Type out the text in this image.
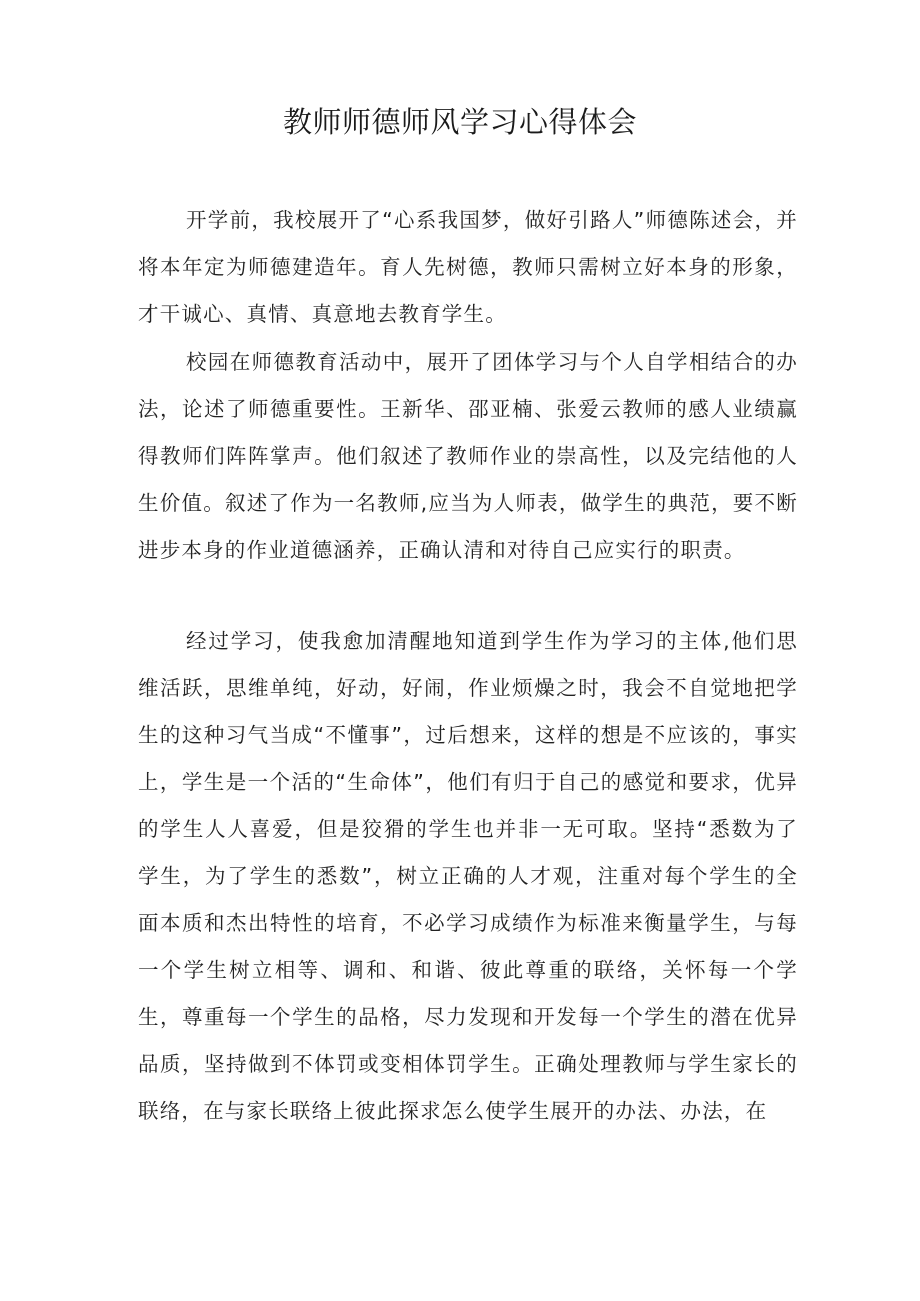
教师师德师风学习心得体会

开学前，我校展开了“心系我国梦，做好引路人”师德陈述会，并将本年定为师德建造年。育人先树德，教师只需树立好本身的形象，才干诚心、真情、真意地去教育学生。

校园在师德教育活动中，展开了团体学习与个人自学相结合的办法，论述了师德重要性。王新华、邵亚楠、张爱云教师的感人业绩赢得教师们阵阵掌声。他们叙述了教师作业的崇高性，以及完结他的人生价值。叙述了作为一名教师,应当为人师表，做学生的典范，要不断进步本身的作业道德涵养，正确认清和对待自己应实行的职责。

经过学习，使我愈加清醒地知道到学生作为学习的主体,他们思维活跃，思维单纯，好动，好闹，作业烦燥之时，我会不自觉地把学生的这种习气当成“不懂事”，过后想来，这样的想是不应该的，事实上，学生是一个活的“生命体”，他们有归于自己的感觉和要求，优异的学生人人喜爱，但是狡猾的学生也并非一无可取。坚持“悉数为了学生，为了学生的悉数”，树立正确的人才观，注重对每个学生的全面本质和杰出特性的培育，不必学习成绩作为标准来衡量学生，与每一个学生树立相等、调和、和谐、彼此尊重的联络，关怀每一个学生，尊重每一个学生的品格，尽力发现和开发每一个学生的潜在优异品质，坚持做到不体罚或变相体罚学生。正确处理教师与学生家长的联络，在与家长联络上彼此探求怎么使学生展开的办法、办法，在
